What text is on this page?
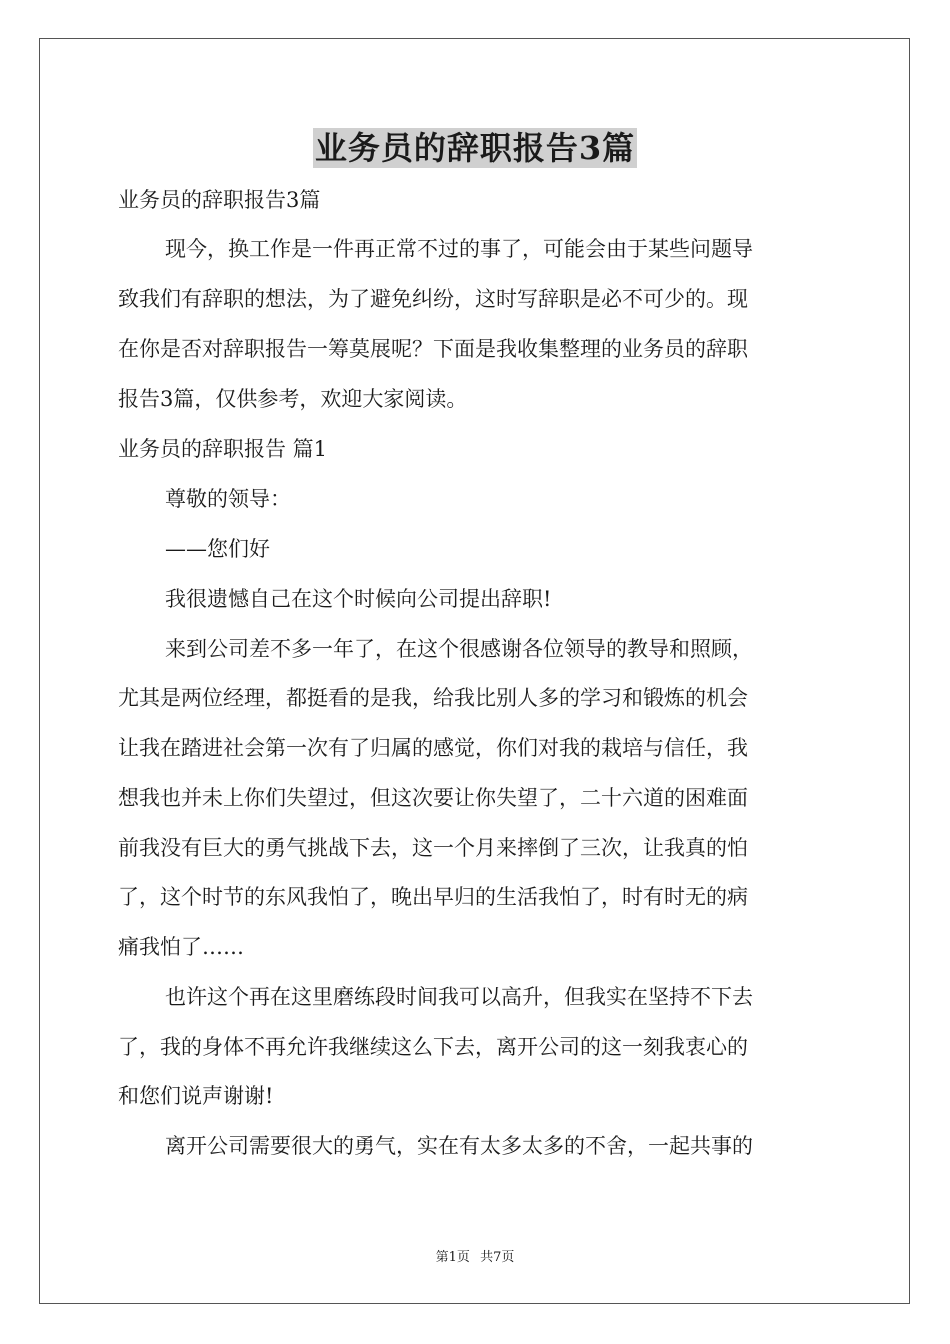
业务员的辞职报告3篇
业务员的辞职报告3篇
现今，换工作是一件再正常不过的事了，可能会由于某些问题导
致我们有辞职的想法，为了避免纠纷，这时写辞职是必不可少的。现
在你是否对辞职报告一筹莫展呢？下面是我收集整理的业务员的辞职
报告3篇，仅供参考，欢迎大家阅读。
业务员的辞职报告 篇1
尊敬的领导：
——您们好
我很遗憾自己在这个时候向公司提出辞职!
来到公司差不多一年了，在这个很感谢各位领导的教导和照顾，
尤其是两位经理，都挺看的是我，给我比别人多的学习和锻炼的机会
让我在踏进社会第一次有了归属的感觉，你们对我的栽培与信任，我
想我也并未上你们失望过，但这次要让你失望了，二十六道的困难面
前我没有巨大的勇气挑战下去，这一个月来摔倒了三次，让我真的怕
了，这个时节的东风我怕了，晚出早归的生活我怕了，时有时无的病
痛我怕了……
也许这个再在这里磨练段时间我可以高升，但我实在坚持不下去
了，我的身体不再允许我继续这么下去，离开公司的这一刻我衷心的
和您们说声谢谢!
离开公司需要很大的勇气，实在有太多太多的不舍，一起共事的
第1页 共7页
